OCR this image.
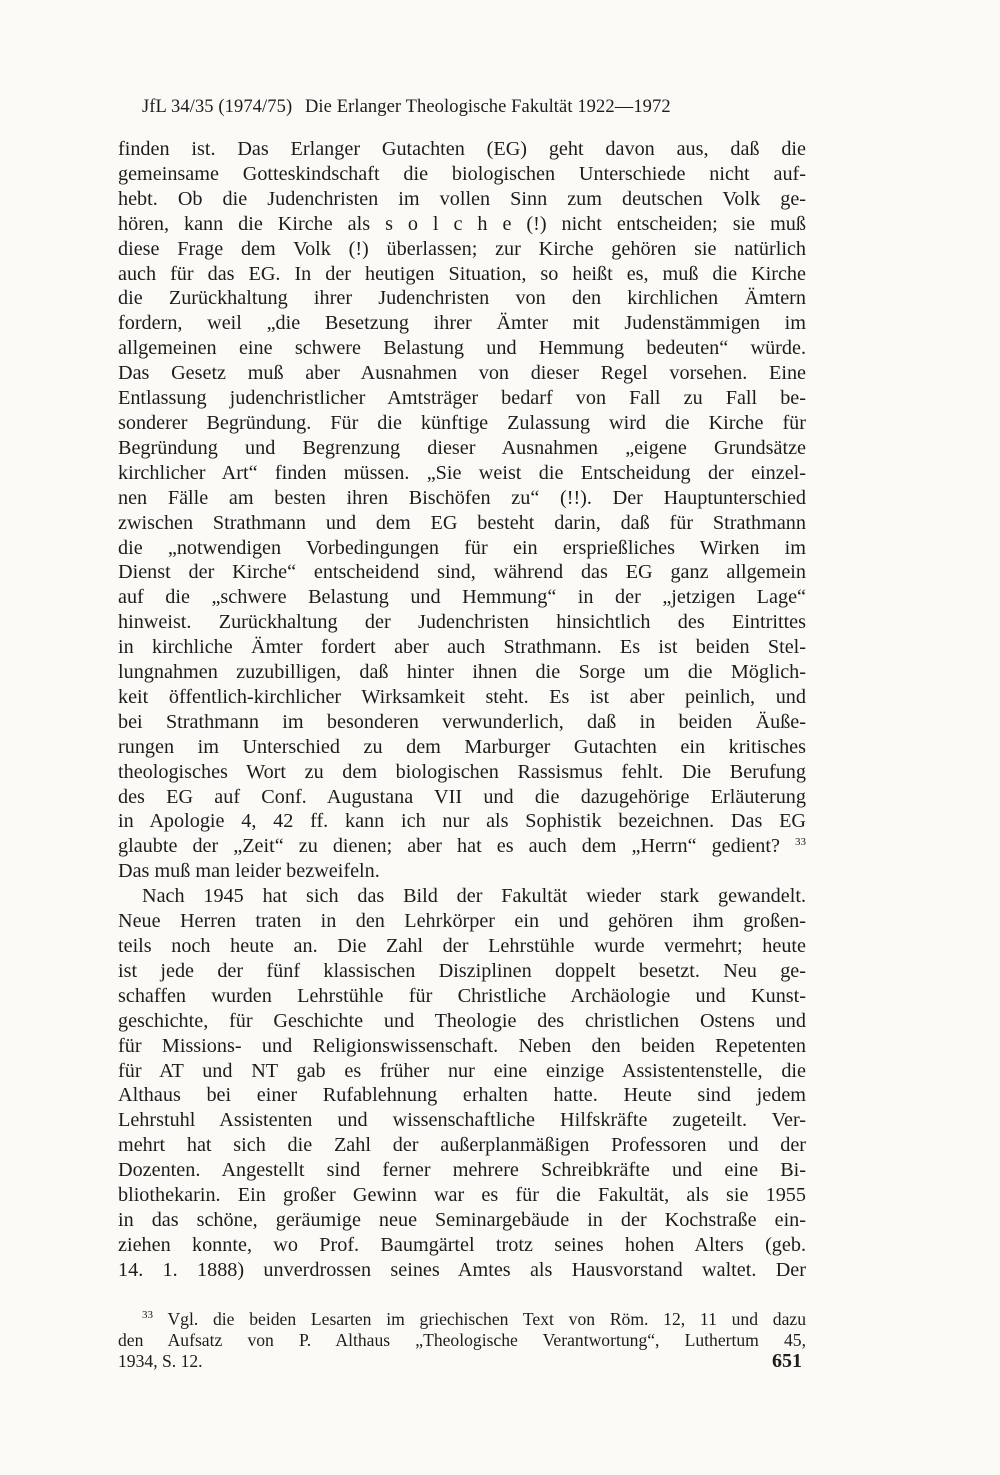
JfL 34/35 (1974/75) Die Erlanger Theologische Fakultät 1922—1972
finden ist. Das Erlanger Gutachten (EG) geht davon aus, daß die
gemeinsame Gotteskindschaft die biologischen Unterschiede nicht auf-
hebt. Ob die Judenchristen im vollen Sinn zum deutschen Volk ge-
hören, kann die Kirche als s o l c h e (!) nicht entscheiden; sie muß
diese Frage dem Volk (!) überlassen; zur Kirche gehören sie natürlich
auch für das EG. In der heutigen Situation, so heißt es, muß die Kirche
die Zurückhaltung ihrer Judenchristen von den kirchlichen Ämtern
fordern, weil „die Besetzung ihrer Ämter mit Judenstämmigen im
allgemeinen eine schwere Belastung und Hemmung bedeuten“ würde.
Das Gesetz muß aber Ausnahmen von dieser Regel vorsehen. Eine
Entlassung judenchristlicher Amtsträger bedarf von Fall zu Fall be-
sonderer Begründung. Für die künftige Zulassung wird die Kirche für
Begründung und Begrenzung dieser Ausnahmen „eigene Grundsätze
kirchlicher Art“ finden müssen. „Sie weist die Entscheidung der einzel-
nen Fälle am besten ihren Bischöfen zu“ (!!). Der Hauptunterschied
zwischen Strathmann und dem EG besteht darin, daß für Strathmann
die „notwendigen Vorbedingungen für ein ersprießliches Wirken im
Dienst der Kirche“ entscheidend sind, während das EG ganz allgemein
auf die „schwere Belastung und Hemmung“ in der „jetzigen Lage“
hinweist. Zurückhaltung der Judenchristen hinsichtlich des Eintrittes
in kirchliche Ämter fordert aber auch Strathmann. Es ist beiden Stel-
lungnahmen zuzubilligen, daß hinter ihnen die Sorge um die Möglich-
keit öffentlich-kirchlicher Wirksamkeit steht. Es ist aber peinlich, und
bei Strathmann im besonderen verwunderlich, daß in beiden Äuße-
rungen im Unterschied zu dem Marburger Gutachten ein kritisches
theologisches Wort zu dem biologischen Rassismus fehlt. Die Berufung
des EG auf Conf. Augustana VII und die dazugehörige Erläuterung
in Apologie 4, 42 ff. kann ich nur als Sophistik bezeichnen. Das EG
glaubte der „Zeit“ zu dienen; aber hat es auch dem „Herrn“ gedient? $^{33}$
Das muß man leider bezweifeln.
Nach 1945 hat sich das Bild der Fakultät wieder stark gewandelt.
Neue Herren traten in den Lehrkörper ein und gehören ihm großen-
teils noch heute an. Die Zahl der Lehrstühle wurde vermehrt; heute
ist jede der fünf klassischen Disziplinen doppelt besetzt. Neu ge-
schaffen wurden Lehrstühle für Christliche Archäologie und Kunst-
geschichte, für Geschichte und Theologie des christlichen Ostens und
für Missions- und Religionswissenschaft. Neben den beiden Repetenten
für AT und NT gab es früher nur eine einzige Assistentenstelle, die
Althaus bei einer Rufablehnung erhalten hatte. Heute sind jedem
Lehrstuhl Assistenten und wissenschaftliche Hilfskräfte zugeteilt. Ver-
mehrt hat sich die Zahl der außerplanmäßigen Professoren und der
Dozenten. Angestellt sind ferner mehrere Schreibkräfte und eine Bi-
bliothekarin. Ein großer Gewinn war es für die Fakultät, als sie 1955
in das schöne, geräumige neue Seminargebäude in der Kochstraße ein-
ziehen konnte, wo Prof. Baumgärtel trotz seines hohen Alters (geb.
14. 1. 1888) unverdrossen seines Amtes als Hausvorstand waltet. Der
$^{33}$ Vgl. die beiden Lesarten im griechischen Text von Röm. 12, 11 und dazu
den Aufsatz von P. Althaus „Theologische Verantwortung“, Luthertum 45,
1934, S. 12.	651
